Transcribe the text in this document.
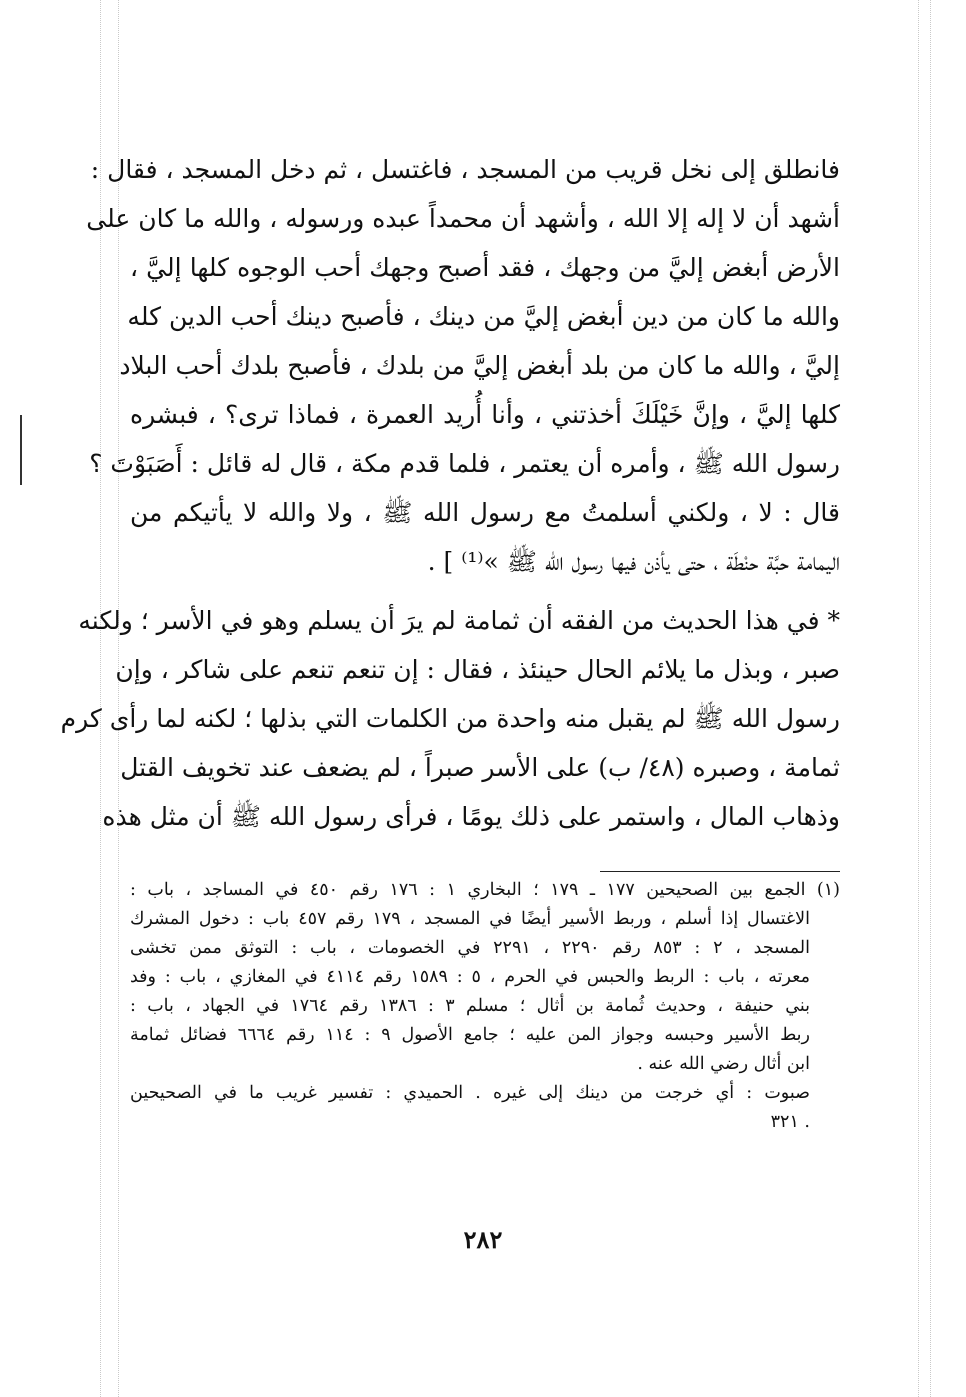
فانطلق إلى نخل قريب من المسجد ، فاغتسل ، ثم دخل المسجد ، فقال :
أشهد أن لا إله إلا الله ، وأشهد أن محمداً عبده ورسوله ، والله ما كان على
الأرض أبغض إليَّ من وجهك ، فقد أصبح وجهك أحب الوجوه كلها إليَّ ،
والله ما كان من دين أبغض إليَّ من دينك ، فأصبح دينك أحب الدين كله
إليَّ ، والله ما كان من بلد أبغض إليَّ من بلدك ، فأصبح بلدك أحب البلاد
كلها إليَّ ، وإنَّ خَيْلَكَ أخذتني ، وأنا أُريد العمرة ، فماذا ترى؟ ، فبشره
رسول الله ﷺ ، وأمره أن يعتمر ، فلما قدم مكة ، قال له قائل : أَصَبَوْتَ ؟
قال : لا ، ولكني أسلمتُ مع رسول الله ﷺ ، ولا والله لا يأتيكم من
اليمامة حبَّة حنْطَة ، حتى يأذن فيها رسول الله ﷺ »⁽¹⁾ ] .
* في هذا الحديث من الفقه أن ثمامة لم يرَ أن يسلم وهو في الأسر ؛ ولكنه
صبر ، وبذل ما يلائم الحال حينئذ ، فقال : إن تنعم تنعم على شاكر ، وإن
رسول الله ﷺ لم يقبل منه واحدة من الكلمات التي بذلها ؛ لكنه لما رأى كرم
ثمامة ، وصبره (٤٨/ ب) على الأسر صبراً ، لم يضعف عند تخويف القتل
وذهاب المال ، واستمر على ذلك يومًا ، فرأى رسول الله ﷺ أن مثل هذه
(١) الجمع بين الصحيحين ١٧٧ ـ ١٧٩ ؛ البخاري ١ : ١٧٦ رقم ٤٥٠ في المساجد ، باب :
الاغتسال إذا أسلم ، وربط الأسير أيضًا في المسجد ، ١٧٩ رقم ٤٥٧ باب : دخول المشرك
المسجد ، ٢ : ٨٥٣ رقم ٢٢٩٠ ، ٢٢٩١ في الخصومات ، باب : التوثق ممن تخشى
معرته ، باب : الربط والحبس في الحرم ، ٥ : ١٥٨٩ رقم ٤١١٤ في المغازي ، باب : وفد
بني حنيفة ، وحديث ثُمامة بن أثال ؛ مسلم ٣ : ١٣٨٦ رقم ١٧٦٤ في الجهاد ، باب :
ربط الأسير وحبسه وجواز المن عليه ؛ جامع الأصول ٩ : ١١٤ رقم ٦٦٦٤ فضائل ثمامة
ابن أثال رضي الله عنه .
صبوت : أي خرجت من دينك إلى غيره . الحميدي : تفسير غريب ما في الصحيحين
. ٣٢١
٢٨٢
